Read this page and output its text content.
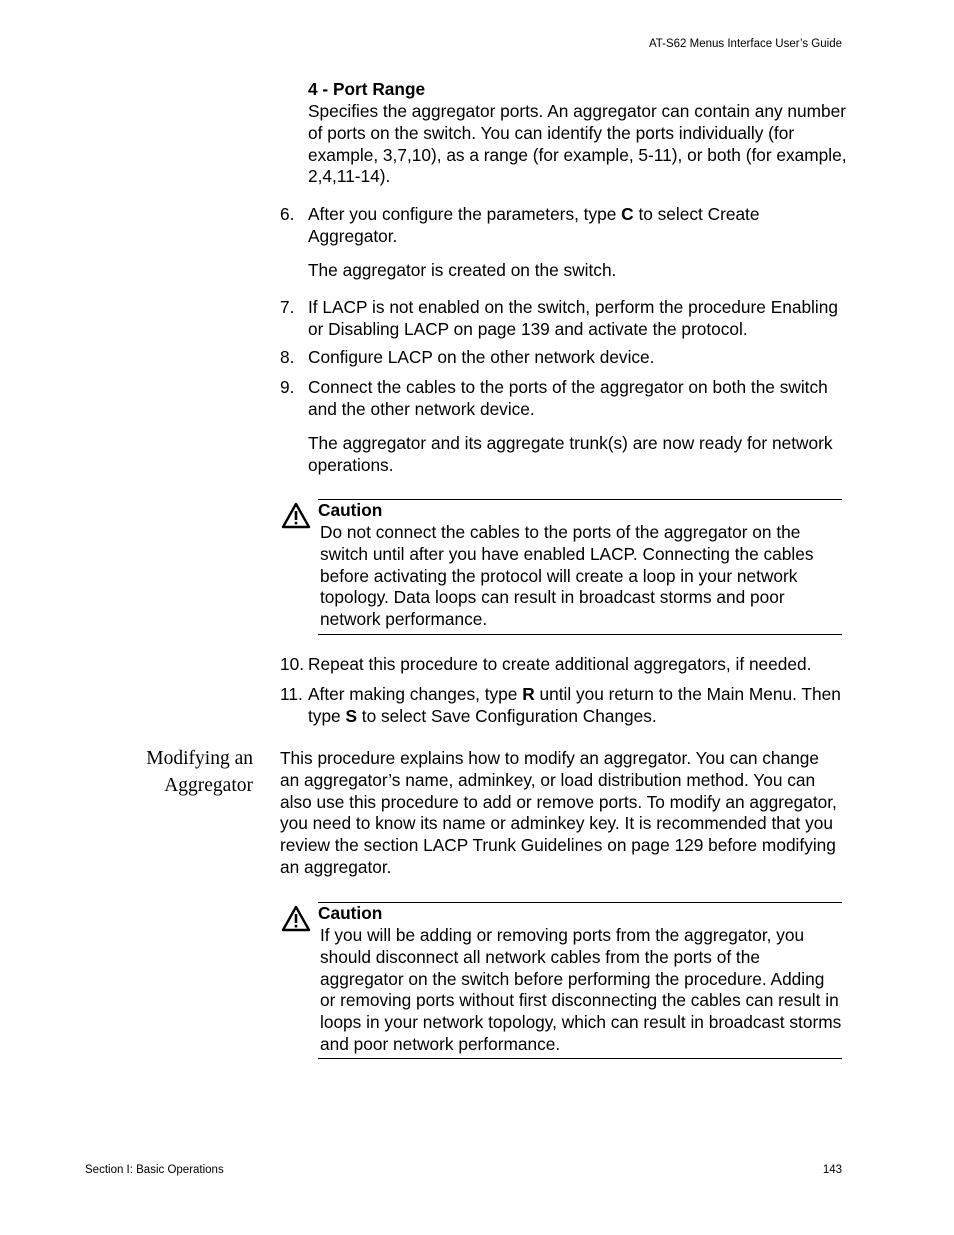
AT-S62 Menus Interface User’s Guide
4 - Port Range
Specifies the aggregator ports. An aggregator can contain any number of ports on the switch. You can identify the ports individually (for example, 3,7,10), as a range (for example, 5-11), or both (for example, 2,4,11-14).
6. After you configure the parameters, type C to select Create Aggregator.
The aggregator is created on the switch.
7. If LACP is not enabled on the switch, perform the procedure Enabling or Disabling LACP on page 139 and activate the protocol.
8. Configure LACP on the other network device.
9. Connect the cables to the ports of the aggregator on both the switch and the other network device.
The aggregator and its aggregate trunk(s) are now ready for network operations.
Caution
Do not connect the cables to the ports of the aggregator on the switch until after you have enabled LACP. Connecting the cables before activating the protocol will create a loop in your network topology. Data loops can result in broadcast storms and poor network performance.
10. Repeat this procedure to create additional aggregators, if needed.
11. After making changes, type R until you return to the Main Menu. Then type S to select Save Configuration Changes.
Modifying an
Aggregator
This procedure explains how to modify an aggregator. You can change an aggregator’s name, adminkey, or load distribution method. You can also use this procedure to add or remove ports. To modify an aggregator, you need to know its name or adminkey key. It is recommended that you review the section LACP Trunk Guidelines on page 129 before modifying an aggregator.
Caution
If you will be adding or removing ports from the aggregator, you should disconnect all network cables from the ports of the aggregator on the switch before performing the procedure. Adding or removing ports without first disconnecting the cables can result in loops in your network topology, which can result in broadcast storms and poor network performance.
Section I: Basic Operations	143
